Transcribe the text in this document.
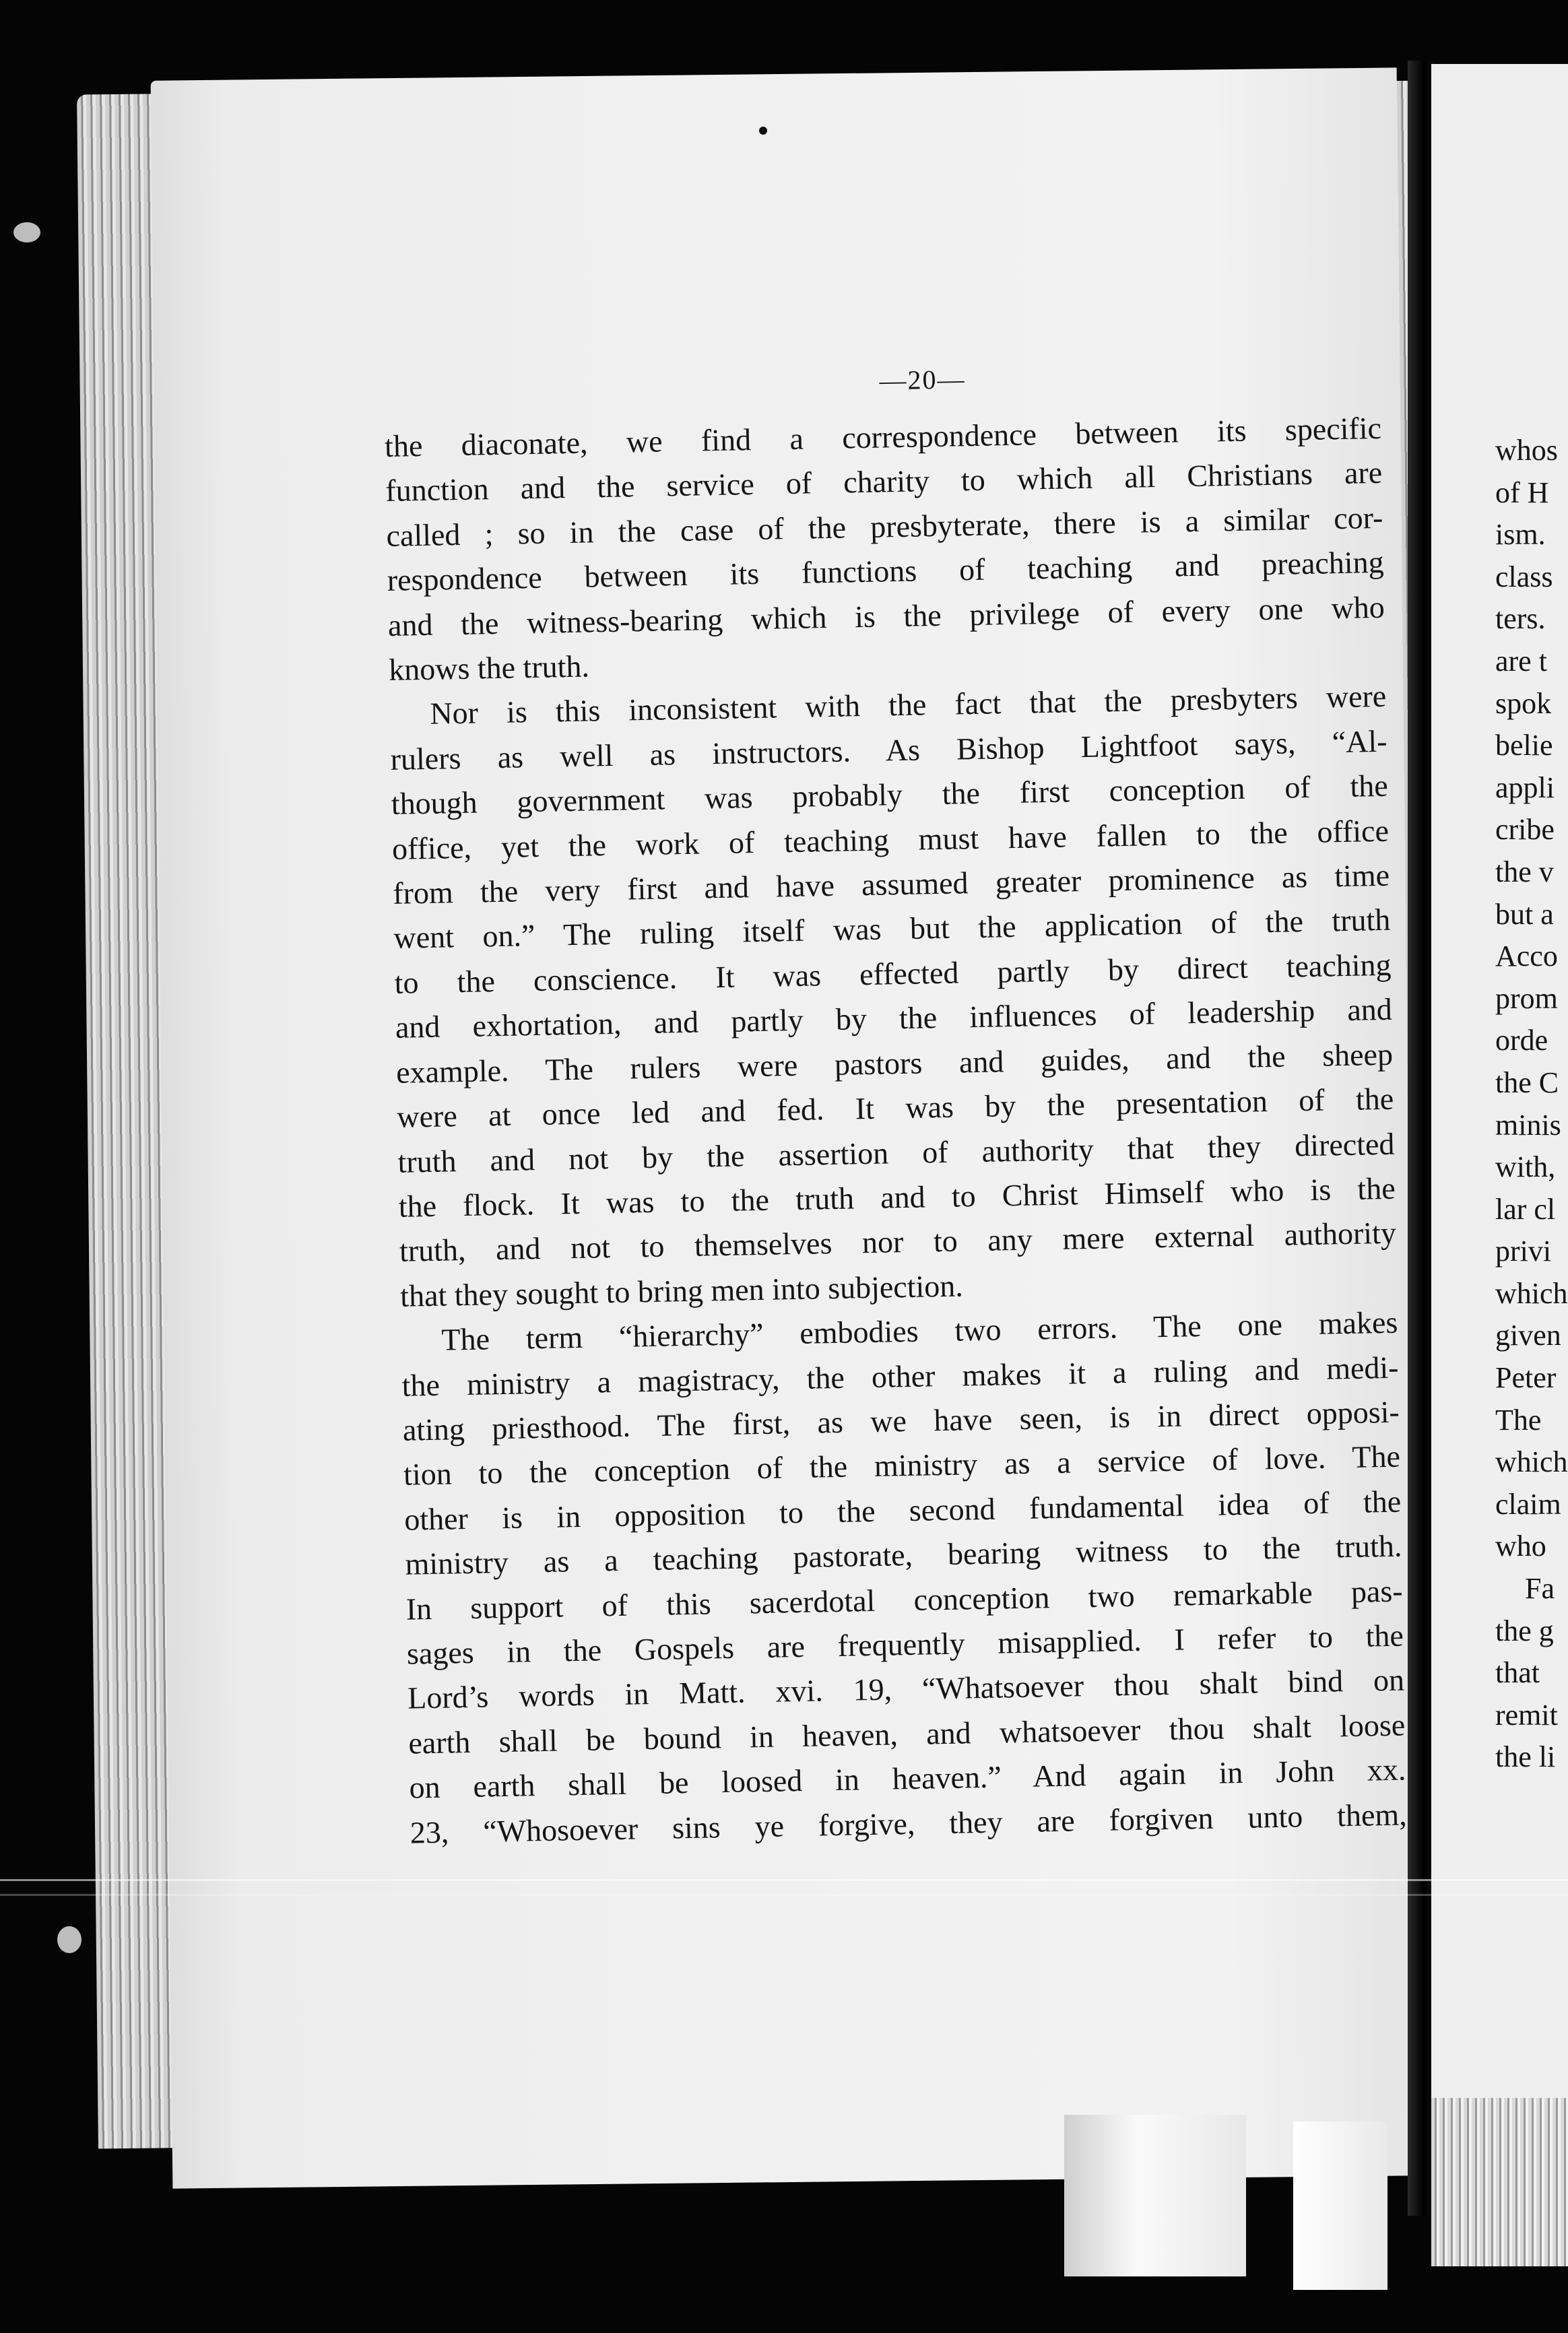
—20—
the diaconate, we find a correspondence between its specific
function and the service of charity to which all Christians are
called ; so in the case of the presbyterate, there is a similar cor-
respondence between its functions of teaching and preaching
and the witness-bearing which is the privilege of every one who
knows the truth.
Nor is this inconsistent with the fact that the presbyters were
rulers as well as instructors. As Bishop Lightfoot says, “Al-
though government was probably the first conception of the
office, yet the work of teaching must have fallen to the office
from the very first and have assumed greater prominence as time
went on.” The ruling itself was but the application of the truth
to the conscience. It was effected partly by direct teaching
and exhortation, and partly by the influences of leadership and
example. The rulers were pastors and guides, and the sheep
were at once led and fed. It was by the presentation of the
truth and not by the assertion of authority that they directed
the flock. It was to the truth and to Christ Himself who is the
truth, and not to themselves nor to any mere external authority
that they sought to bring men into subjection.
The term “hierarchy” embodies two errors. The one makes
the ministry a magistracy, the other makes it a ruling and medi-
ating priesthood. The first, as we have seen, is in direct opposi-
tion to the conception of the ministry as a service of love. The
other is in opposition to the second fundamental idea of the
ministry as a teaching pastorate, bearing witness to the truth.
In support of this sacerdotal conception two remarkable pas-
sages in the Gospels are frequently misapplied. I refer to the
Lord’s words in Matt. xvi. 19, “Whatsoever thou shalt bind on
earth shall be bound in heaven, and whatsoever thou shalt loose
on earth shall be loosed in heaven.” And again in John xx.
23, “Whosoever sins ye forgive, they are forgiven unto them,
whos
of H
ism.
class
ters.
are t
spok
belie
appli
cribe
the v
but a
Acco
prom
orde
the C
minis
with,
lar cl
privi
which
given
Peter
The
which
claim
who
Fa
the g
that
remit
the li
